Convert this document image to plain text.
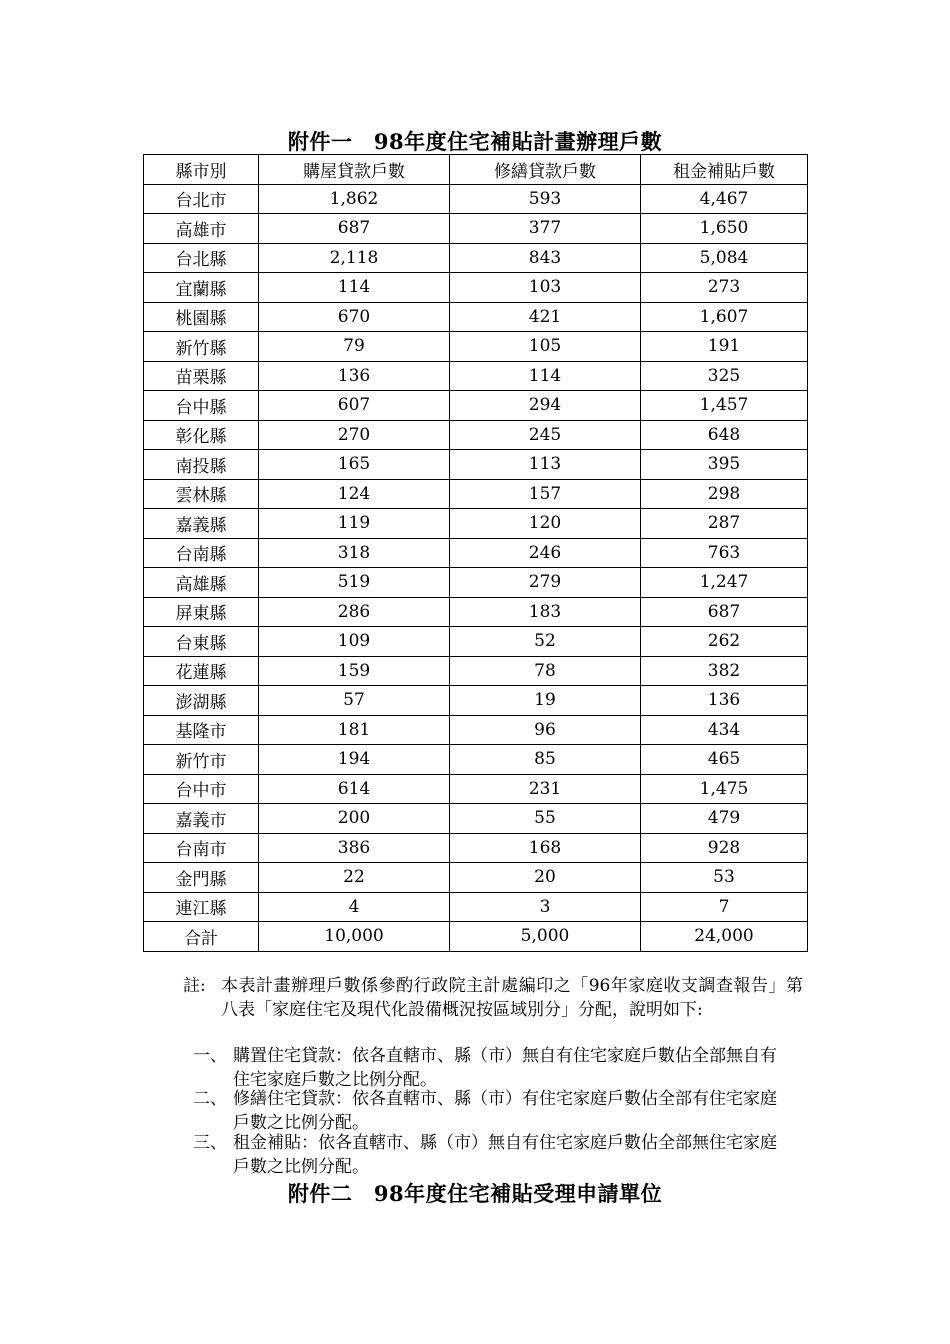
附件一　98年度住宅補貼計畫辦理戶數
縣市別	購屋貸款戶數	修繕貸款戶數	租金補貼戶數
台北市	1,862	593	4,467
高雄市	687	377	1,650
台北縣	2,118	843	5,084
宜蘭縣	114	103	273
桃園縣	670	421	1,607
新竹縣	79	105	191
苗栗縣	136	114	325
台中縣	607	294	1,457
彰化縣	270	245	648
南投縣	165	113	395
雲林縣	124	157	298
嘉義縣	119	120	287
台南縣	318	246	763
高雄縣	519	279	1,247
屏東縣	286	183	687
台東縣	109	52	262
花蓮縣	159	78	382
澎湖縣	57	19	136
基隆市	181	96	434
新竹市	194	85	465
台中市	614	231	1,475
嘉義市	200	55	479
台南市	386	168	928
金門縣	22	20	53
連江縣	4	3	7
合計	10,000	5,000	24,000
註: 本表計畫辦理戶數係參酌行政院主計處編印之「96年家庭收支調查報告」第八表「家庭住宅及現代化設備概況按區域別分」分配，說明如下:
一、 購置住宅貸款：依各直轄市、縣（市）無自有住宅家庭戶數佔全部無自有住宅家庭戶數之比例分配。
二、 修繕住宅貸款：依各直轄市、縣（市）有住宅家庭戶數佔全部有住宅家庭戶數之比例分配。
三、 租金補貼：依各直轄市、縣（市）無自有住宅家庭戶數佔全部無住宅家庭戶數之比例分配。
附件二　98年度住宅補貼受理申請單位
